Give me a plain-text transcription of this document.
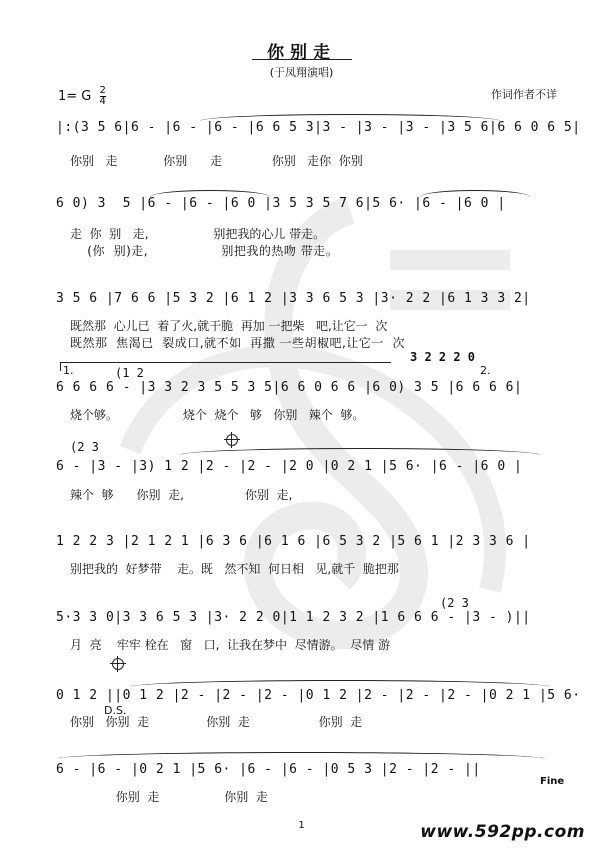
你别走
(于凤翔演唱)
1= G $\frac{2}{4}$	作词作者不详

|:(3 5 6|6 - |6 - |6 - |6 6 5 3|3 - |3 - |3 - |3 5 6|6 6 0 6 5|

你别   走            你别      走             你别   走你  你别

6 0) 3  5 |6 - |6 - |6 0 |3 5 3 5 7 6|5 6· |6 - |6 0 |

走  你  别   走,                 别把我的心儿 带走。
(你  别)走,                 别把我的热吻 带走。

3 5 6 |7 6 6 |5 3 2 |6 1 2 |3 3 6 5 3 |3· 2 2 |6 1 3 3 2|

既然那  心儿已  着了火,就干脆  再加 一把柴   吧,让它一  次
既然那  焦渴已  裂成口,就不如  再撒 一些胡椒吧,让它一  次
1.	2.
(1 2
3 2 2 2 0

6 6 6 6 - |3 3 2 3 5 5 3 5|6 6 0 6 6 |6 0) 3 5 |6 6 6 6|

烧个够。                 烧个  烧个   够   你别   辣个  够。
(2 3

6 - |3 - |3) 1 2 |2 - |2 - |2 0 |0 2 1 |5 6· |6 - |6 0 |

辣个  够      你别  走,                你别  走,

1 2 2 3 |2 1 2 1 |6 3 6 |6 1 6 |6 5 3 2 |5 6 1 |2 3 3 6 |

别把我的  好梦带    走。既   然不知  何日相   见,就千  脆把那
(2 3

5·3 3 0|3 3 6 5 3 |3· 2 2 0|1 1 2 3 2 |1 6 6 6 - |3 - )||

月  亮    牢牢 栓在   窗   口,  让我在梦中  尽情游。  尽情 游

0 1 2 ||0 1 2 |2 - |2 - |2 - |0 1 2 |2 - |2 - |2 - |0 2 1 |5 6·

D.S.
你别   你别  走               你别  走                  你别  走

6 - |6 - |0 2 1 |5 6· |6 - |6 - |0 5 3 |2 - |2 - ||

你别  走                 你别  走
Fine
1	www.592pp.com
